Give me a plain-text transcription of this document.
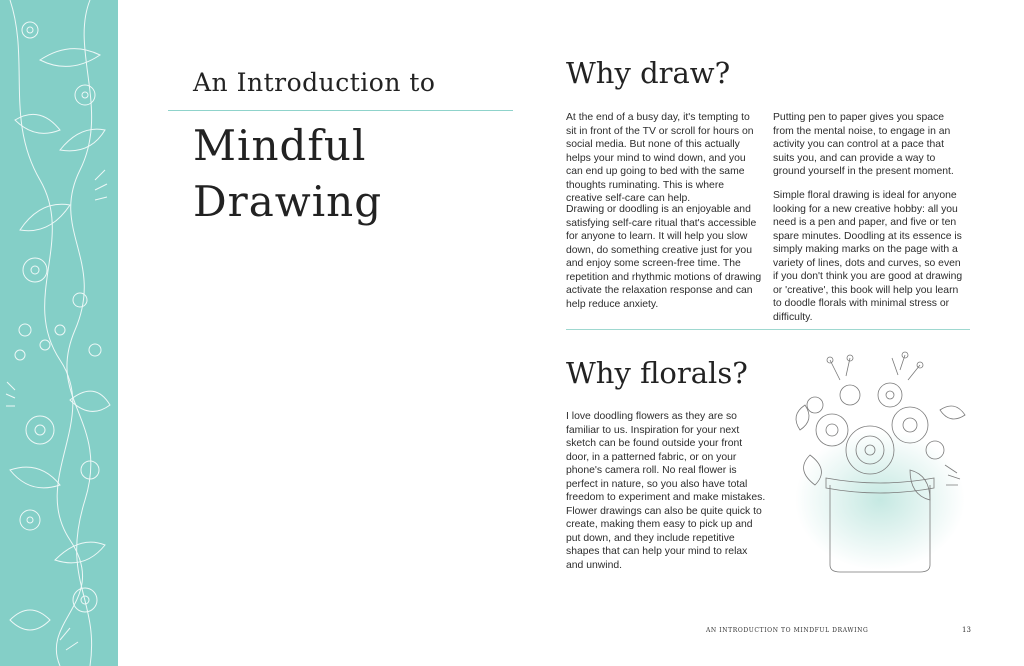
An Introduction to
Mindful
Drawing
Why draw?
At the end of a busy day, it's tempting to sit in front of the TV or scroll for hours on social media. But none of this actually helps your mind to wind down, and you can end up going to bed with the same thoughts ruminating. This is where creative self-care can help.
Drawing or doodling is an enjoyable and satisfying self-care ritual that's accessible for anyone to learn. It will help you slow down, do something creative just for you and enjoy some screen-free time. The repetition and rhythmic motions of drawing activate the relaxation response and can help reduce anxiety.
Putting pen to paper gives you space from the mental noise, to engage in an activity you can control at a pace that suits you, and can provide a way to ground yourself in the present moment.
Simple floral drawing is ideal for anyone looking for a new creative hobby: all you need is a pen and paper, and five or ten spare minutes. Doodling at its essence is simply making marks on the page with a variety of lines, dots and curves, so even if you don't think you are good at drawing or 'creative', this book will help you learn to doodle florals with minimal stress or difficulty.
Why florals?
I love doodling flowers as they are so familiar to us. Inspiration for your next sketch can be found outside your front door, in a patterned fabric, or on your phone's camera roll. No real flower is perfect in nature, so you also have total freedom to experiment and make mistakes. Flower drawings can also be quite quick to create, making them easy to pick up and put down, and they include repetitive shapes that can help your mind to relax and unwind.
AN INTRODUCTION TO MINDFUL DRAWING	13
